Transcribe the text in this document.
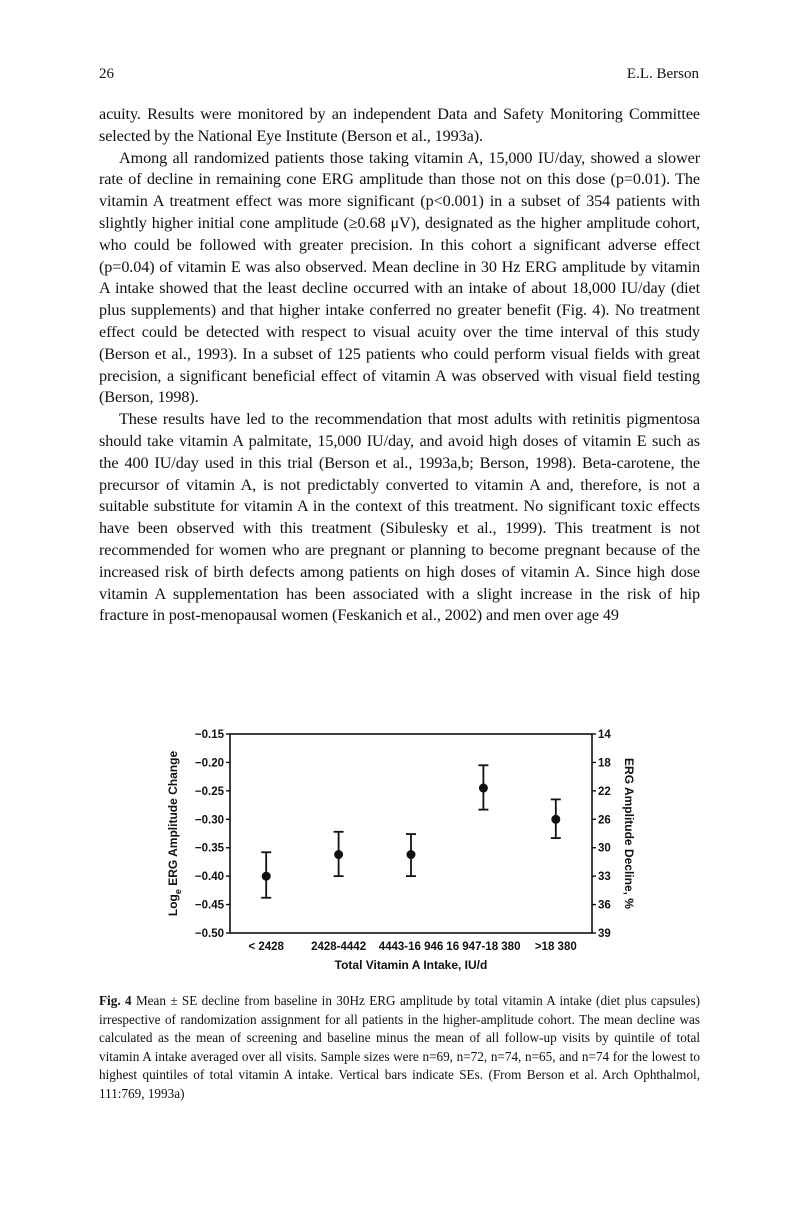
26	E.L. Berson

acuity. Results were monitored by an independent Data and Safety Monitoring Committee selected by the National Eye Institute (Berson et al., 1993a).

Among all randomized patients those taking vitamin A, 15,000 IU/day, showed a slower rate of decline in remaining cone ERG amplitude than those not on this dose (p=0.01). The vitamin A treatment effect was more significant (p<0.001) in a subset of 354 patients with slightly higher initial cone amplitude (≥0.68 μV), designated as the higher amplitude cohort, who could be followed with greater precision. In this cohort a significant adverse effect (p=0.04) of vitamin E was also observed. Mean decline in 30 Hz ERG amplitude by vitamin A intake showed that the least decline occurred with an intake of about 18,000 IU/day (diet plus supplements) and that higher intake conferred no greater benefit (Fig. 4). No treatment effect could be detected with respect to visual acuity over the time interval of this study (Berson et al., 1993). In a subset of 125 patients who could perform visual fields with great precision, a significant beneficial effect of vitamin A was observed with visual field testing (Berson, 1998).

These results have led to the recommendation that most adults with retinitis pigmentosa should take vitamin A palmitate, 15,000 IU/day, and avoid high doses of vitamin E such as the 400 IU/day used in this trial (Berson et al., 1993a,b; Berson, 1998). Beta-carotene, the precursor of vitamin A, is not predictably converted to vitamin A and, therefore, is not a suitable substitute for vitamin A in the context of this treatment. No significant toxic effects have been observed with this treatment (Sibulesky et al., 1999). This treatment is not recommended for women who are pregnant or planning to become pregnant because of the increased risk of birth defects among patients on high doses of vitamin A. Since high dose vitamin A supplementation has been associated with a slight increase in the risk of hip fracture in post-menopausal women (Feskanich et al., 2002) and men over age 49

−0.15	14
−0.20	18
−0.25	22
−0.30	26
−0.35	30
−0.40	33
−0.45	36
−0.50	39
< 2428 2428-4442 4443-16 946 16 947-18 380 >18 380
Total Vitamin A Intake, IU/d
Log$_e$ ERG Amplitude Change	ERG Amplitude Decline, %
Fig. 4 Mean ± SE decline from baseline in 30Hz ERG amplitude by total vitamin A intake (diet plus capsules) irrespective of randomization assignment for all patients in the higher-amplitude cohort. The mean decline was calculated as the mean of screening and baseline minus the mean of all follow-up visits by quintile of total vitamin A intake averaged over all visits. Sample sizes were n=69, n=72, n=74, n=65, and n=74 for the lowest to highest quintiles of total vitamin A intake. Vertical bars indicate SEs. (From Berson et al. Arch Ophthalmol, 111:769, 1993a)
